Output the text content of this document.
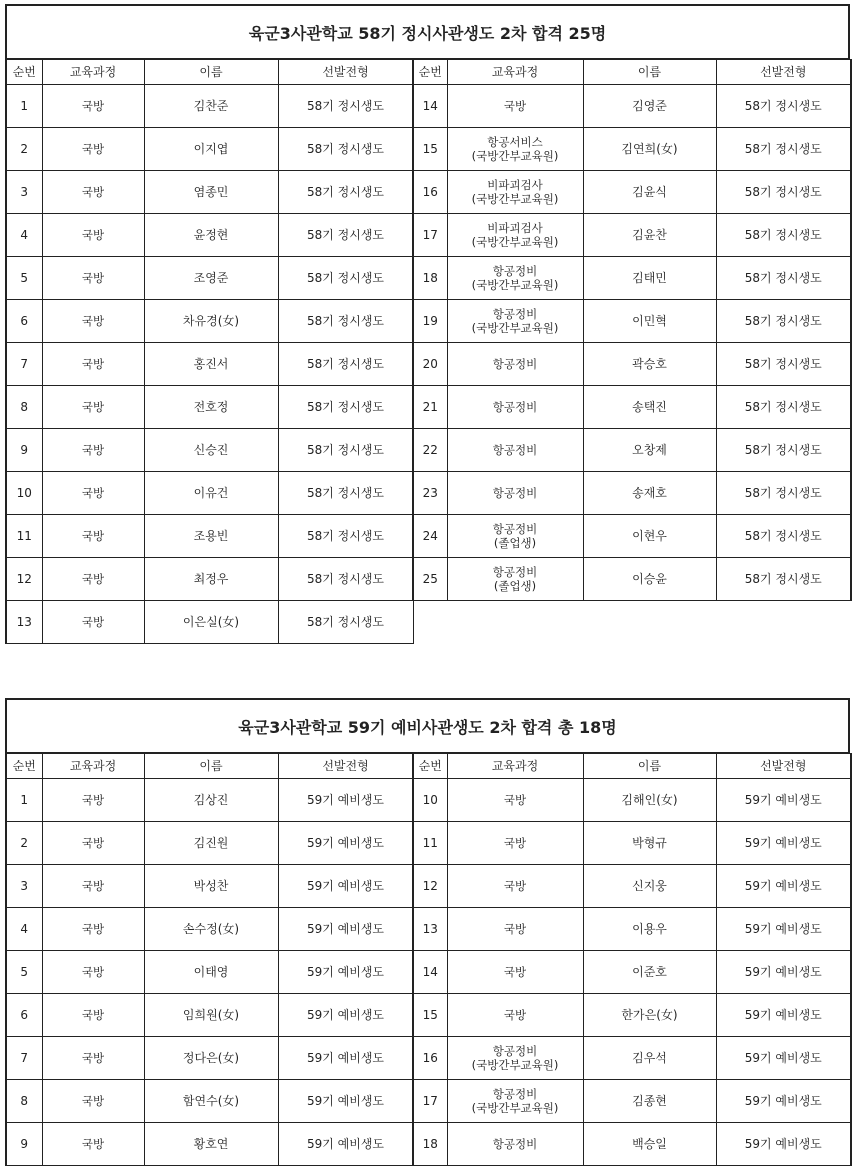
육군3사관학교 58기 정시사관생도 2차 합격 25명
순번	교육과정	이름	선발전형
1	국방	김찬준	58기 정시생도
2	국방	이지엽	58기 정시생도
3	국방	염종민	58기 정시생도
4	국방	윤정현	58기 정시생도
5	국방	조영준	58기 정시생도
6	국방	차유경(女)	58기 정시생도
7	국방	홍진서	58기 정시생도
8	국방	전호정	58기 정시생도
9	국방	신승진	58기 정시생도
10	국방	이유건	58기 정시생도
11	국방	조용빈	58기 정시생도
12	국방	최정우	58기 정시생도
13	국방	이은실(女)	58기 정시생도
순번	교육과정	이름	선발전형
14	국방	김영준	58기 정시생도
15	항공서비스
(국방간부교육원)	김연희(女)	58기 정시생도
16	비파괴검사
(국방간부교육원)	김윤식	58기 정시생도
17	비파괴검사
(국방간부교육원)	김윤찬	58기 정시생도
18	항공정비
(국방간부교육원)	김태민	58기 정시생도
19	항공정비
(국방간부교육원)	이민혁	58기 정시생도
20	항공정비	곽승호	58기 정시생도
21	항공정비	송택진	58기 정시생도
22	항공정비	오창제	58기 정시생도
23	항공정비	송재호	58기 정시생도
24	항공정비
(졸업생)	이현우	58기 정시생도
25	항공정비
(졸업생)	이승윤	58기 정시생도
육군3사관학교 59기 예비사관생도 2차 합격 총 18명
순번	교육과정	이름	선발전형
1	국방	김상진	59기 예비생도
2	국방	김진원	59기 예비생도
3	국방	박성찬	59기 예비생도
4	국방	손수정(女)	59기 예비생도
5	국방	이태영	59기 예비생도
6	국방	임희원(女)	59기 예비생도
7	국방	정다은(女)	59기 예비생도
8	국방	함연수(女)	59기 예비생도
9	국방	황호연	59기 예비생도
순번	교육과정	이름	선발전형
10	국방	김해인(女)	59기 예비생도
11	국방	박형규	59기 예비생도
12	국방	신지웅	59기 예비생도
13	국방	이용우	59기 예비생도
14	국방	이준호	59기 예비생도
15	국방	한가은(女)	59기 예비생도
16	항공정비
(국방간부교육원)	김우석	59기 예비생도
17	항공정비
(국방간부교육원)	김종현	59기 예비생도
18	항공정비	백승일	59기 예비생도
